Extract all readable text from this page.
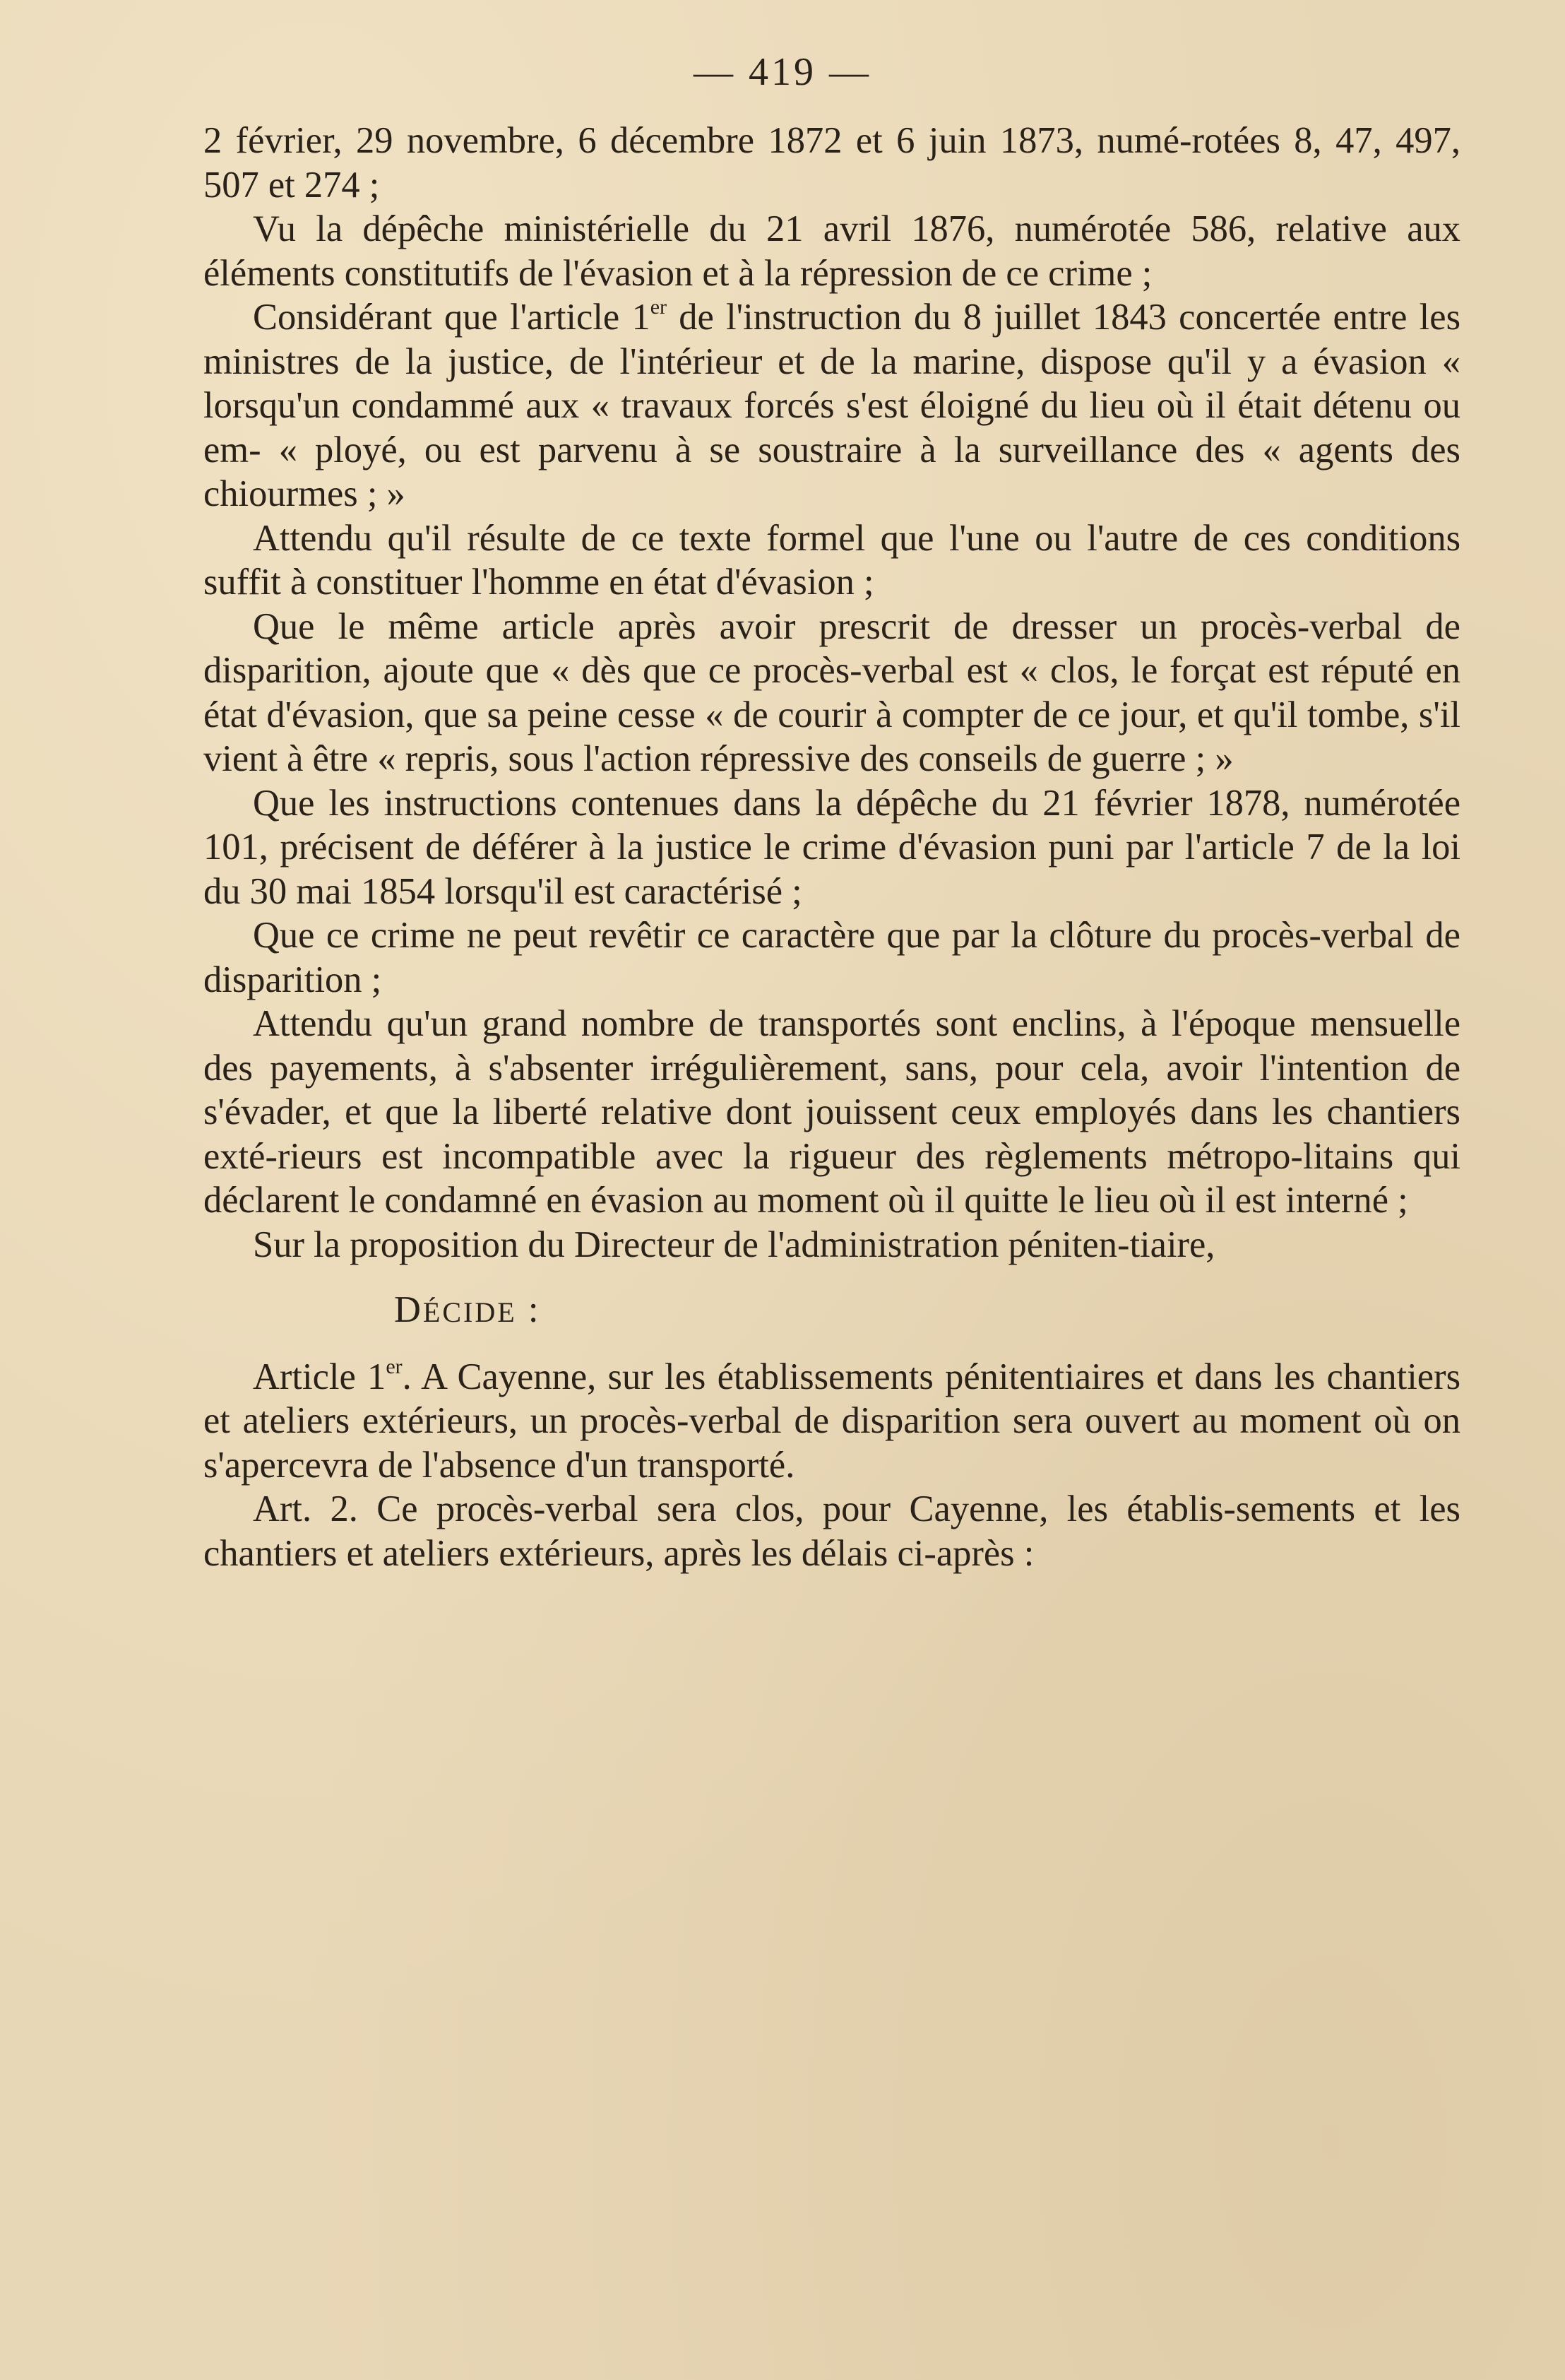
— 419 —

2 février, 29 novembre, 6 décembre 1872 et 6 juin 1873, numé-rotées 8, 47, 497, 507 et 274 ;

Vu la dépêche ministérielle du 21 avril 1876, numérotée 586, relative aux éléments constitutifs de l'évasion et à la répression de ce crime ;

Considérant que l'article 1er de l'instruction du 8 juillet 1843 concertée entre les ministres de la justice, de l'intérieur et de la marine, dispose qu'il y a évasion « lorsqu'un condammé aux « travaux forcés s'est éloigné du lieu où il était détenu ou em- « ployé, ou est parvenu à se soustraire à la surveillance des « agents des chiourmes ; »

Attendu qu'il résulte de ce texte formel que l'une ou l'autre de ces conditions suffit à constituer l'homme en état d'évasion ;

Que le même article après avoir prescrit de dresser un procès-verbal de disparition, ajoute que « dès que ce procès-verbal est « clos, le forçat est réputé en état d'évasion, que sa peine cesse « de courir à compter de ce jour, et qu'il tombe, s'il vient à être « repris, sous l'action répressive des conseils de guerre ; »

Que les instructions contenues dans la dépêche du 21 février 1878, numérotée 101, précisent de déférer à la justice le crime d'évasion puni par l'article 7 de la loi du 30 mai 1854 lorsqu'il est caractérisé ;

Que ce crime ne peut revêtir ce caractère que par la clôture du procès-verbal de disparition ;

Attendu qu'un grand nombre de transportés sont enclins, à l'époque mensuelle des payements, à s'absenter irrégulièrement, sans, pour cela, avoir l'intention de s'évader, et que la liberté relative dont jouissent ceux employés dans les chantiers exté-rieurs est incompatible avec la rigueur des règlements métropo-litains qui déclarent le condamné en évasion au moment où il quitte le lieu où il est interné ;

Sur la proposition du Directeur de l'administration péniten-tiaire,

DÉCIDE :

Article 1er. A Cayenne, sur les établissements pénitentiaires et dans les chantiers et ateliers extérieurs, un procès-verbal de disparition sera ouvert au moment où on s'apercevra de l'absence d'un transporté.

Art. 2. Ce procès-verbal sera clos, pour Cayenne, les établis-sements et les chantiers et ateliers extérieurs, après les délais ci-après :
